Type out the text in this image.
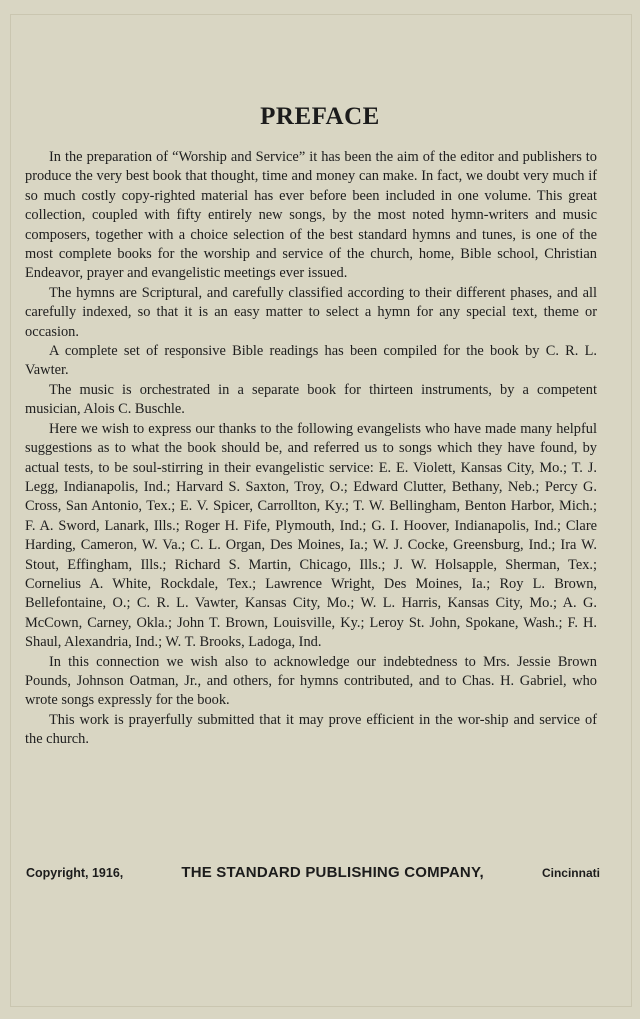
PREFACE

In the preparation of “Worship and Service” it has been the aim of the editor and publishers to produce the very best book that thought, time and money can make. In fact, we doubt very much if so much costly copy-righted material has ever before been included in one volume. This great collection, coupled with fifty entirely new songs, by the most noted hymn-writers and music composers, together with a choice selection of the best standard hymns and tunes, is one of the most complete books for the worship and service of the church, home, Bible school, Christian Endeavor, prayer and evangelistic meetings ever issued.

The hymns are Scriptural, and carefully classified according to their different phases, and all carefully indexed, so that it is an easy matter to select a hymn for any special text, theme or occasion.

A complete set of responsive Bible readings has been compiled for the book by C. R. L. Vawter.

The music is orchestrated in a separate book for thirteen instruments, by a competent musician, Alois C. Buschle.

Here we wish to express our thanks to the following evangelists who have made many helpful suggestions as to what the book should be, and referred us to songs which they have found, by actual tests, to be soul-stirring in their evangelistic service: E. E. Violett, Kansas City, Mo.; T. J. Legg, Indianapolis, Ind.; Harvard S. Saxton, Troy, O.; Edward Clutter, Bethany, Neb.; Percy G. Cross, San Antonio, Tex.; E. V. Spicer, Carrollton, Ky.; T. W. Bellingham, Benton Harbor, Mich.; F. A. Sword, Lanark, Ills.; Roger H. Fife, Plymouth, Ind.; G. I. Hoover, Indianapolis, Ind.; Clare Harding, Cameron, W. Va.; C. L. Organ, Des Moines, Ia.; W. J. Cocke, Greensburg, Ind.; Ira W. Stout, Effingham, Ills.; Richard S. Martin, Chicago, Ills.; J. W. Holsapple, Sherman, Tex.; Cornelius A. White, Rockdale, Tex.; Lawrence Wright, Des Moines, Ia.; Roy L. Brown, Bellefontaine, O.; C. R. L. Vawter, Kansas City, Mo.; W. L. Harris, Kansas City, Mo.; A. G. McCown, Carney, Okla.; John T. Brown, Louisville, Ky.; Leroy St. John, Spokane, Wash.; F. H. Shaul, Alexandria, Ind.; W. T. Brooks, Ladoga, Ind.

In this connection we wish also to acknowledge our indebtedness to Mrs. Jessie Brown Pounds, Johnson Oatman, Jr., and others, for hymns contributed, and to Chas. H. Gabriel, who wrote songs expressly for the book.

This work is prayerfully submitted that it may prove efficient in the wor-ship and service of the church.

Copyright, 1916,	THE STANDARD PUBLISHING COMPANY,	Cincinnati
